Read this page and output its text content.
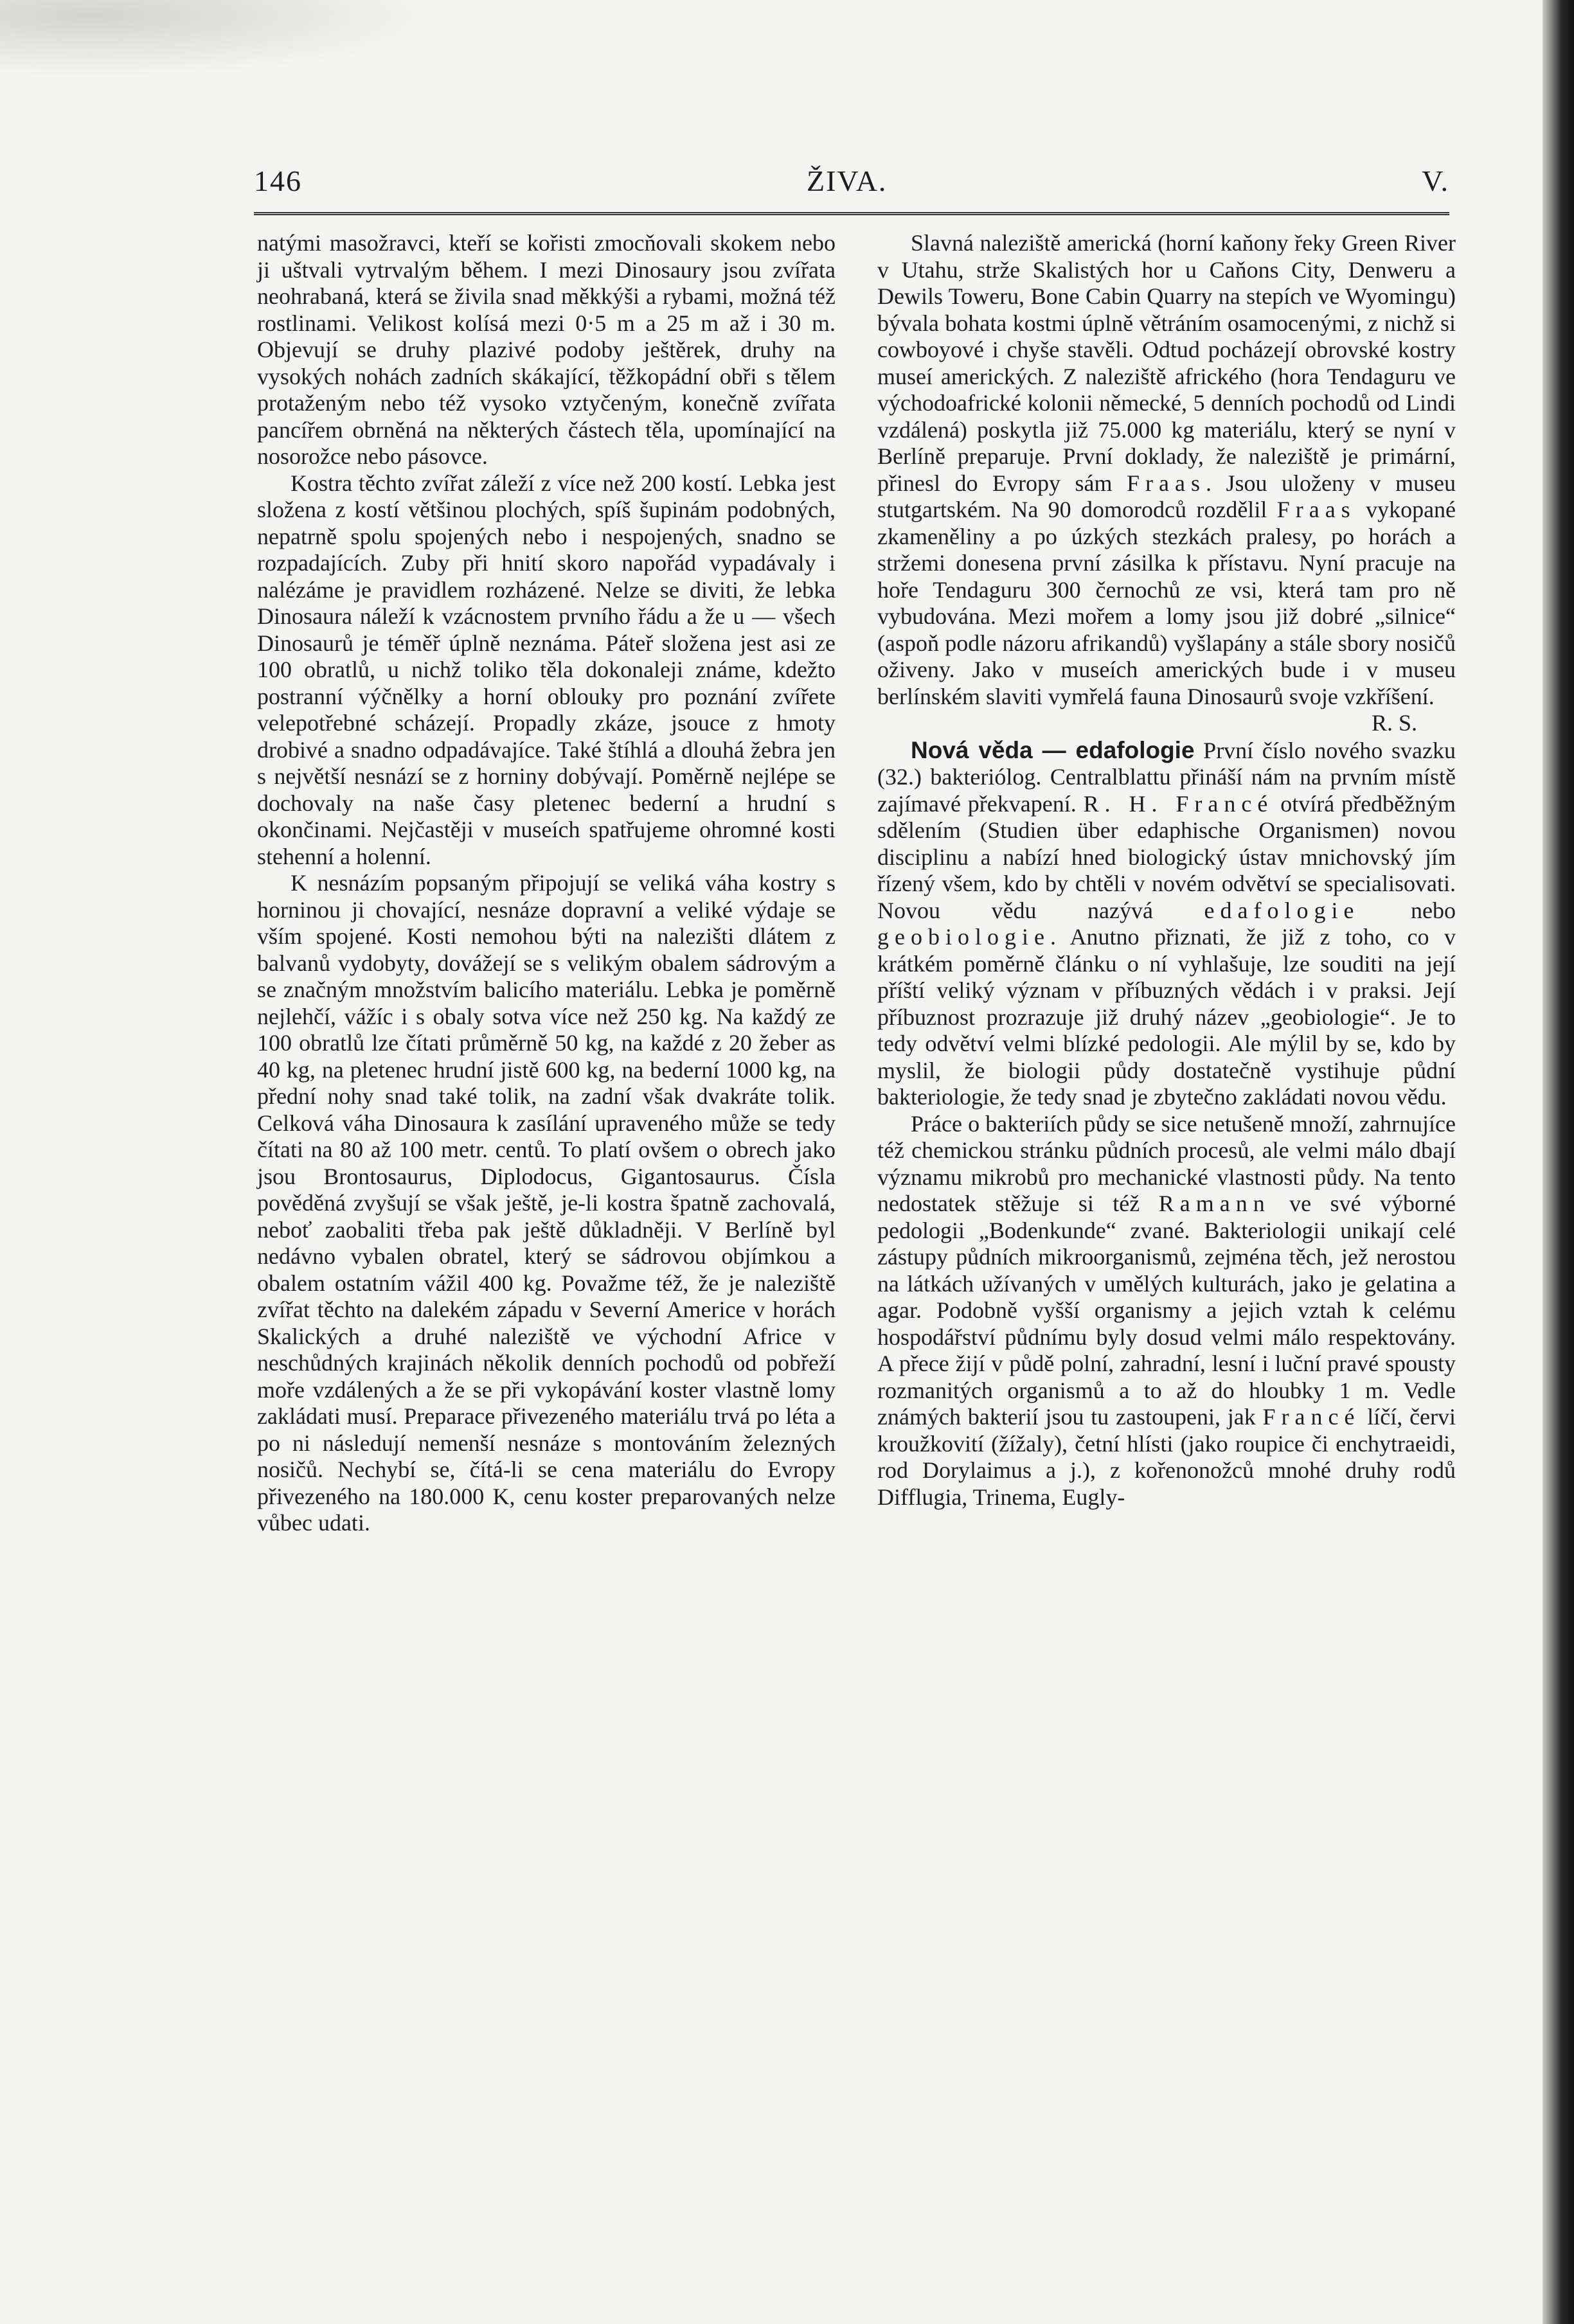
146	ŽIVA.	V.

natými masožravci, kteří se kořisti zmocňovali skokem nebo ji uštvali vytrvalým během. I mezi Dinosaury jsou zvířata neohrabaná, která se živila snad měkkýši a rybami, možná též rostlinami. Velikost kolísá mezi 0·5 m a 25 m až i 30 m. Objevují se druhy plazivé podoby ještěrek, druhy na vysokých nohách zadních skákající, těžkopádní obři s tělem protaženým nebo též vysoko vztyčeným, konečně zvířata pancířem obrněná na některých částech těla, upomínající na nosorožce nebo pásovce.

Kostra těchto zvířat záleží z více než 200 kostí. Lebka jest složena z kostí většinou plochých, spíš šupinám podobných, nepatrně spolu spojených nebo i nespojených, snadno se rozpadajících. Zuby při hnití skoro napořád vypadávaly i nalézáme je pravidlem rozházené. Nelze se diviti, že lebka Dinosaura náleží k vzácnostem prvního řádu a že u — všech Dinosaurů je téměř úplně neznáma. Páteř složena jest asi ze 100 obratlů, u nichž toliko těla dokonaleji známe, kdežto postranní výčnělky a horní oblouky pro poznání zvířete velepotřebné scházejí. Propadly zkáze, jsouce z hmoty drobivé a snadno odpadávajíce. Také štíhlá a dlouhá žebra jen s největší nesnází se z horniny dobývají. Poměrně nejlépe se dochovaly na naše časy pletenec bederní a hrudní s okončinami. Nejčastěji v museích spatřujeme ohromné kosti stehenní a holenní.

K nesnázím popsaným připojují se veliká váha kostry s horninou ji chovající, nesnáze dopravní a veliké výdaje se vším spojené. Kosti nemohou býti na nalezišti dlátem z balvanů vydobyty, dovážejí se s velikým obalem sádrovým a se značným množstvím balicího materiálu. Lebka je poměrně nejlehčí, vážíc i s obaly sotva více než 250 kg. Na každý ze 100 obratlů lze čítati průměrně 50 kg, na každé z 20 žeber as 40 kg, na pletenec hrudní jistě 600 kg, na bederní 1000 kg, na přední nohy snad také tolik, na zadní však dvakráte tolik. Celková váha Dinosaura k zasílání upraveného může se tedy čítati na 80 až 100 metr. centů. To platí ovšem o obrech jako jsou Brontosaurus, Diplodocus, Gigantosaurus. Čísla pověděná zvyšují se však ještě, je-li kostra špatně zachovalá, neboť zaobaliti třeba pak ještě důkladněji. V Berlíně byl nedávno vybalen obratel, který se sádrovou objímkou a obalem ostatním vážil 400 kg. Považme též, že je naleziště zvířat těchto na dalekém západu v Severní Americe v horách Skalických a druhé naleziště ve východní Africe v neschůdných krajinách několik denních pochodů od pobřeží moře vzdálených a že se při vykopávání koster vlastně lomy zakládati musí. Preparace přivezeného materiálu trvá po léta a po ni následují nemenší nesnáze s montováním železných nosičů. Nechybí se, čítá-li se cena materiálu do Evropy přivezeného na 180.000 K, cenu koster preparovaných nelze vůbec udati.

Slavná naleziště americká (horní kaňony řeky Green River v Utahu, strže Skalistých hor u Caňons City, Denweru a Dewils Toweru, Bone Cabin Quarry na stepích ve Wyomingu) bývala bohata kostmi úplně větráním osamocenými, z nichž si cowboyové i chyše stavěli. Odtud pocházejí obrovské kostry museí amerických. Z naleziště afrického (hora Tendaguru ve východoafrické kolonii německé, 5 denních pochodů od Lindi vzdálená) poskytla již 75.000 kg materiálu, který se nyní v Berlíně preparuje. První doklady, že naleziště je primární, přinesl do Evropy sám Fraas. Jsou uloženy v museu stutgartském. Na 90 domorodců rozdělil Fraas vykopané zkameněliny a po úzkých stezkách pralesy, po horách a stržemi donesena první zásilka k přístavu. Nyní pracuje na hoře Tendaguru 300 černochů ze vsi, která tam pro ně vybudována. Mezi mořem a lomy jsou již dobré „silnice“ (aspoň podle názoru afrikandů) vyšlapány a stále sbory nosičů oživeny. Jako v museích amerických bude i v museu berlínském slaviti vymřelá fauna Dinosaurů svoje vzkříšení.

R. S.

Nová věda — edafologie První číslo nového svazku (32.) bakteriólog. Centralblattu přináší nám na prvním místě zajímavé překvapení. R. H. Francé otvírá předběžným sdělením (Studien über edaphische Organismen) novou disciplinu a nabízí hned biologický ústav mnichovský jím řízený všem, kdo by chtěli v novém odvětví se specialisovati. Novou vědu nazývá edafologie nebo geobiologie. Anutno přiznati, že již z toho, co v krátkém poměrně článku o ní vyhlašuje, lze souditi na její příští veliký význam v příbuzných vědách i v praksi. Její příbuznost prozrazuje již druhý název „geobiologie“. Je to tedy odvětví velmi blízké pedologii. Ale mýlil by se, kdo by myslil, že biologii půdy dostatečně vystihuje půdní bakteriologie, že tedy snad je zbytečno zakládati novou vědu.

Práce o bakteriích půdy se sice netušeně množí, zahrnujíce též chemickou stránku půdních procesů, ale velmi málo dbají významu mikrobů pro mechanické vlastnosti půdy. Na tento nedostatek stěžuje si též Ramann ve své výborné pedologii „Bodenkunde“ zvané. Bakteriologii unikají celé zástupy půdních mikroorganismů, zejména těch, jež nerostou na látkách užívaných v umělých kulturách, jako je gelatina a agar. Podobně vyšší organismy a jejich vztah k celému hospodářství půdnímu byly dosud velmi málo respektovány. A přece žijí v půdě polní, zahradní, lesní i luční pravé spousty rozmanitých organismů a to až do hloubky 1 m. Vedle známých bakterií jsou tu zastoupeni, jak Francé líčí, červi kroužkovití (žížaly), četní hlísti (jako roupice či enchytraeidi, rod Dorylaimus a j.), z kořenonožců mnohé druhy rodů Difflugia, Trinema, Eugly-
